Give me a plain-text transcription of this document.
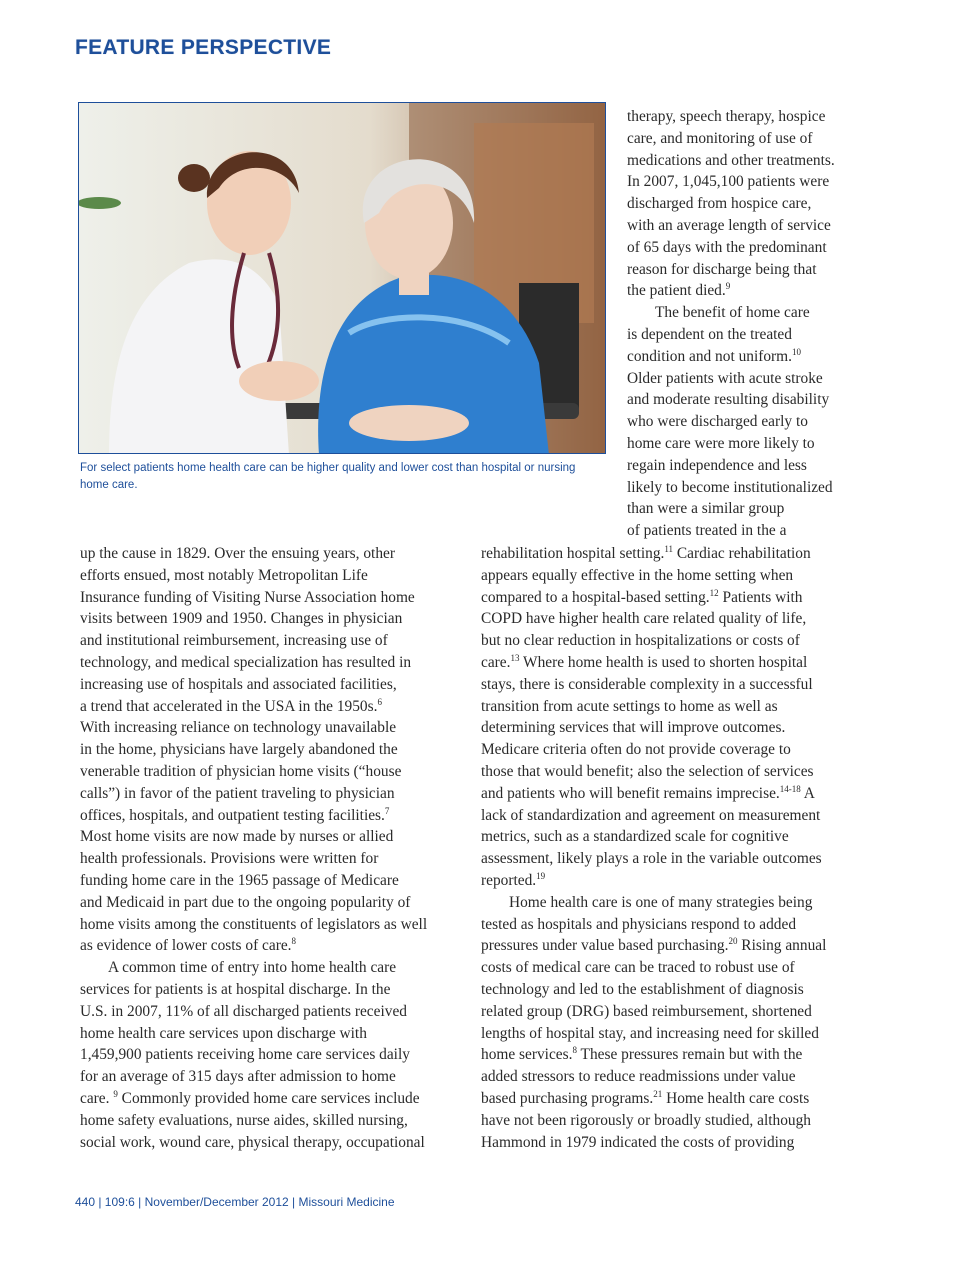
FEATURE PERSPECTIVE
For select patients home health care can be higher quality and lower cost than hospital or nursing home care.
therapy, speech therapy, hospice
care, and monitoring of use of
medications and other treatments.
In 2007, 1,045,100 patients were
discharged from hospice care,
with an average length of service
of 65 days with the predominant
reason for discharge being that
the patient died.$^9$
The benefit of home care
is dependent on the treated
condition and not uniform.$^{10}$
Older patients with acute stroke
and moderate resulting disability
who were discharged early to
home care were more likely to
regain independence and less
likely to become institutionalized
than were a similar group
of patients treated in the a
up the cause in 1829. Over the ensuing years, other
efforts ensued, most notably Metropolitan Life
Insurance funding of Visiting Nurse Association home
visits between 1909 and 1950. Changes in physician
and institutional reimbursement, increasing use of
technology, and medical specialization has resulted in
increasing use of hospitals and associated facilities,
a trend that accelerated in the USA in the 1950s.$^6$
With increasing reliance on technology unavailable
in the home, physicians have largely abandoned the
venerable tradition of physician home visits (“house
calls”) in favor of the patient traveling to physician
offices, hospitals, and outpatient testing facilities.$^7$
Most home visits are now made by nurses or allied
health professionals. Provisions were written for
funding home care in the 1965 passage of Medicare
and Medicaid in part due to the ongoing popularity of
home visits among the constituents of legislators as well
as evidence of lower costs of care.$^8$
A common time of entry into home health care
services for patients is at hospital discharge. In the
U.S. in 2007, 11% of all discharged patients received
home health care services upon discharge with
1,459,900 patients receiving home care services daily
for an average of 315 days after admission to home
care. $^9$ Commonly provided home care services include
home safety evaluations, nurse aides, skilled nursing,
social work, wound care, physical therapy, occupational
rehabilitation hospital setting.$^{11}$ Cardiac rehabilitation
appears equally effective in the home setting when
compared to a hospital-based setting.$^{12}$ Patients with
COPD have higher health care related quality of life,
but no clear reduction in hospitalizations or costs of
care.$^{13}$ Where home health is used to shorten hospital
stays, there is considerable complexity in a successful
transition from acute settings to home as well as
determining services that will improve outcomes.
Medicare criteria often do not provide coverage to
those that would benefit; also the selection of services
and patients who will benefit remains imprecise.$^{14-18}$ A
lack of standardization and agreement on measurement
metrics, such as a standardized scale for cognitive
assessment, likely plays a role in the variable outcomes
reported.$^{19}$
Home health care is one of many strategies being
tested as hospitals and physicians respond to added
pressures under value based purchasing.$^{20}$ Rising annual
costs of medical care can be traced to robust use of
technology and led to the establishment of diagnosis
related group (DRG) based reimbursement, shortened
lengths of hospital stay, and increasing need for skilled
home services.$^8$ These pressures remain but with the
added stressors to reduce readmissions under value
based purchasing programs.$^{21}$ Home health care costs
have not been rigorously or broadly studied, although
Hammond in 1979 indicated the costs of providing
440 | 109:6 | November/December 2012 | Missouri Medicine
